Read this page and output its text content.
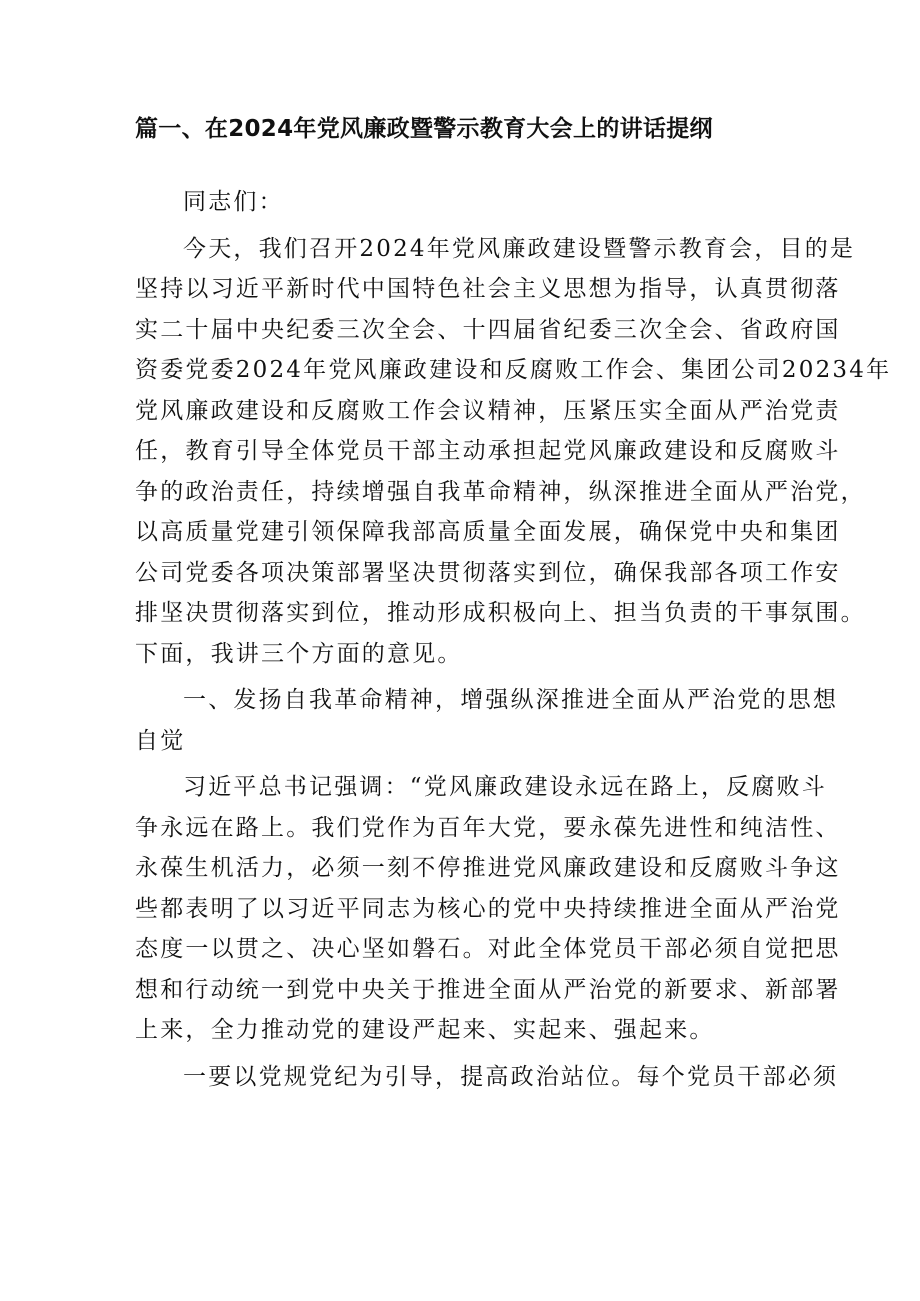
篇一、在2024年党风廉政暨警示教育大会上的讲话提纲

同志们：

今天，我们召开2024年党风廉政建设暨警示教育会，目的是
坚持以习近平新时代中国特色社会主义思想为指导，认真贯彻落
实二十届中央纪委三次全会、十四届省纪委三次全会、省政府国
资委党委2024年党风廉政建设和反腐败工作会、集团公司20234年
党风廉政建设和反腐败工作会议精神，压紧压实全面从严治党责
任，教育引导全体党员干部主动承担起党风廉政建设和反腐败斗
争的政治责任，持续增强自我革命精神，纵深推进全面从严治党，
以高质量党建引领保障我部高质量全面发展，确保党中央和集团
公司党委各项决策部署坚决贯彻落实到位，确保我部各项工作安
排坚决贯彻落实到位，推动形成积极向上、担当负责的干事氛围。
下面，我讲三个方面的意见。

一、发扬自我革命精神，增强纵深推进全面从严治党的思想
自觉

习近平总书记强调：“党风廉政建设永远在路上，反腐败斗
争永远在路上。我们党作为百年大党，要永葆先进性和纯洁性、
永葆生机活力，必须一刻不停推进党风廉政建设和反腐败斗争这
些都表明了以习近平同志为核心的党中央持续推进全面从严治党
态度一以贯之、决心坚如磐石。对此全体党员干部必须自觉把思
想和行动统一到党中央关于推进全面从严治党的新要求、新部署
上来，全力推动党的建设严起来、实起来、强起来。

一要以党规党纪为引导，提高政治站位。每个党员干部必须
